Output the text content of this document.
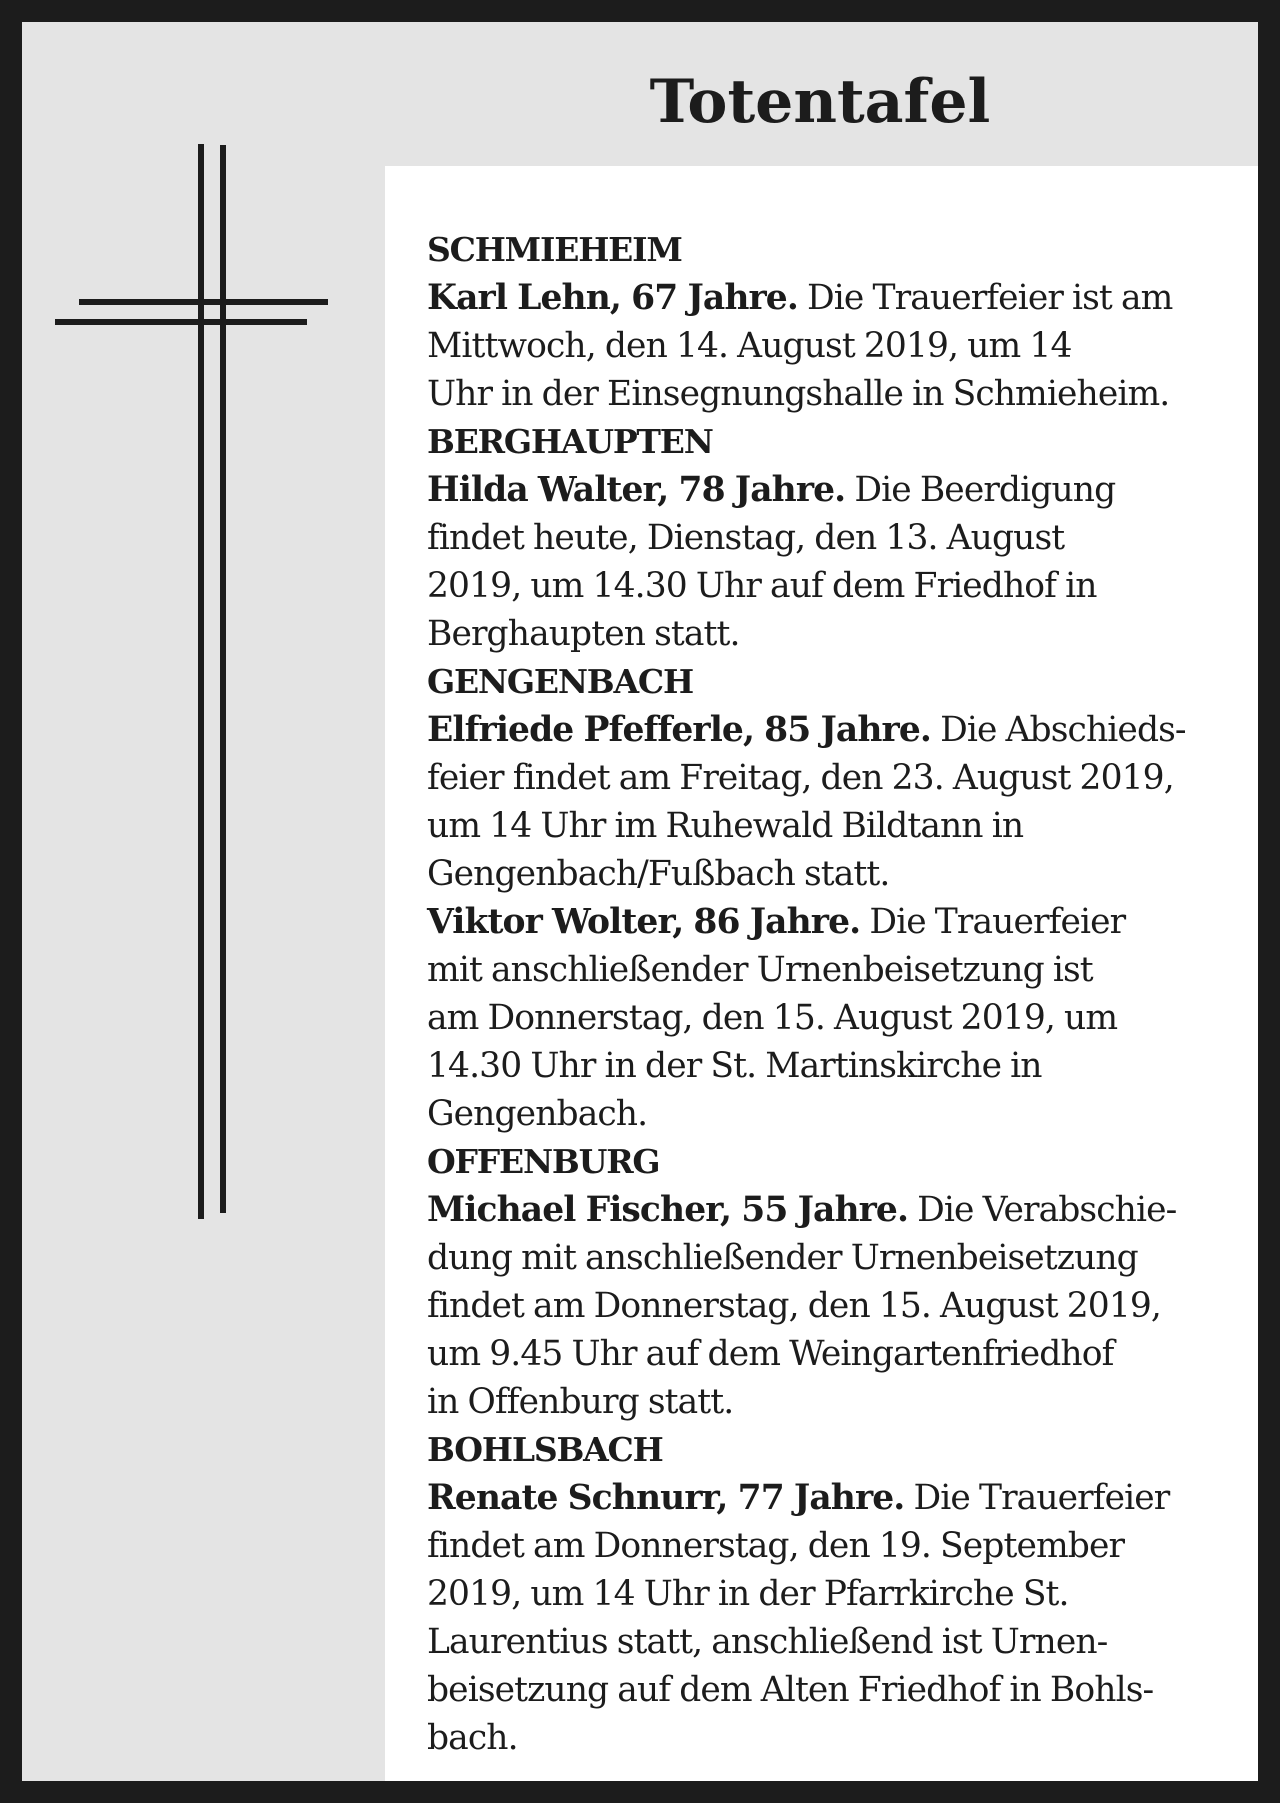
Totentafel
SCHMIEHEIM
Karl Lehn, 67 Jahre. Die Trauerfeier ist am
Mittwoch, den 14. August 2019, um 14
Uhr in der Einsegnungshalle in Schmieheim.
BERGHAUPTEN
Hilda Walter, 78 Jahre. Die Beerdigung
findet heute, Dienstag, den 13. August
2019, um 14.30 Uhr auf dem Friedhof in
Berghaupten statt.
GENGENBACH
Elfriede Pfefferle, 85 Jahre. Die Abschieds-
feier findet am Freitag, den 23. August 2019,
um 14 Uhr im Ruhewald Bildtann in
Gengenbach/Fußbach statt.
Viktor Wolter, 86 Jahre. Die Trauerfeier
mit anschließender Urnenbeisetzung ist
am Donnerstag, den 15. August 2019, um
14.30 Uhr in der St. Martinskirche in
Gengenbach.
OFFENBURG
Michael Fischer, 55 Jahre. Die Verabschie-
dung mit anschließender Urnenbeisetzung
findet am Donnerstag, den 15. August 2019,
um 9.45 Uhr auf dem Weingartenfriedhof
in Offenburg statt.
BOHLSBACH
Renate Schnurr, 77 Jahre. Die Trauerfeier
findet am Donnerstag, den 19. September
2019, um 14 Uhr in der Pfarrkirche St.
Laurentius statt, anschließend ist Urnen-
beisetzung auf dem Alten Friedhof in Bohls-
bach.
